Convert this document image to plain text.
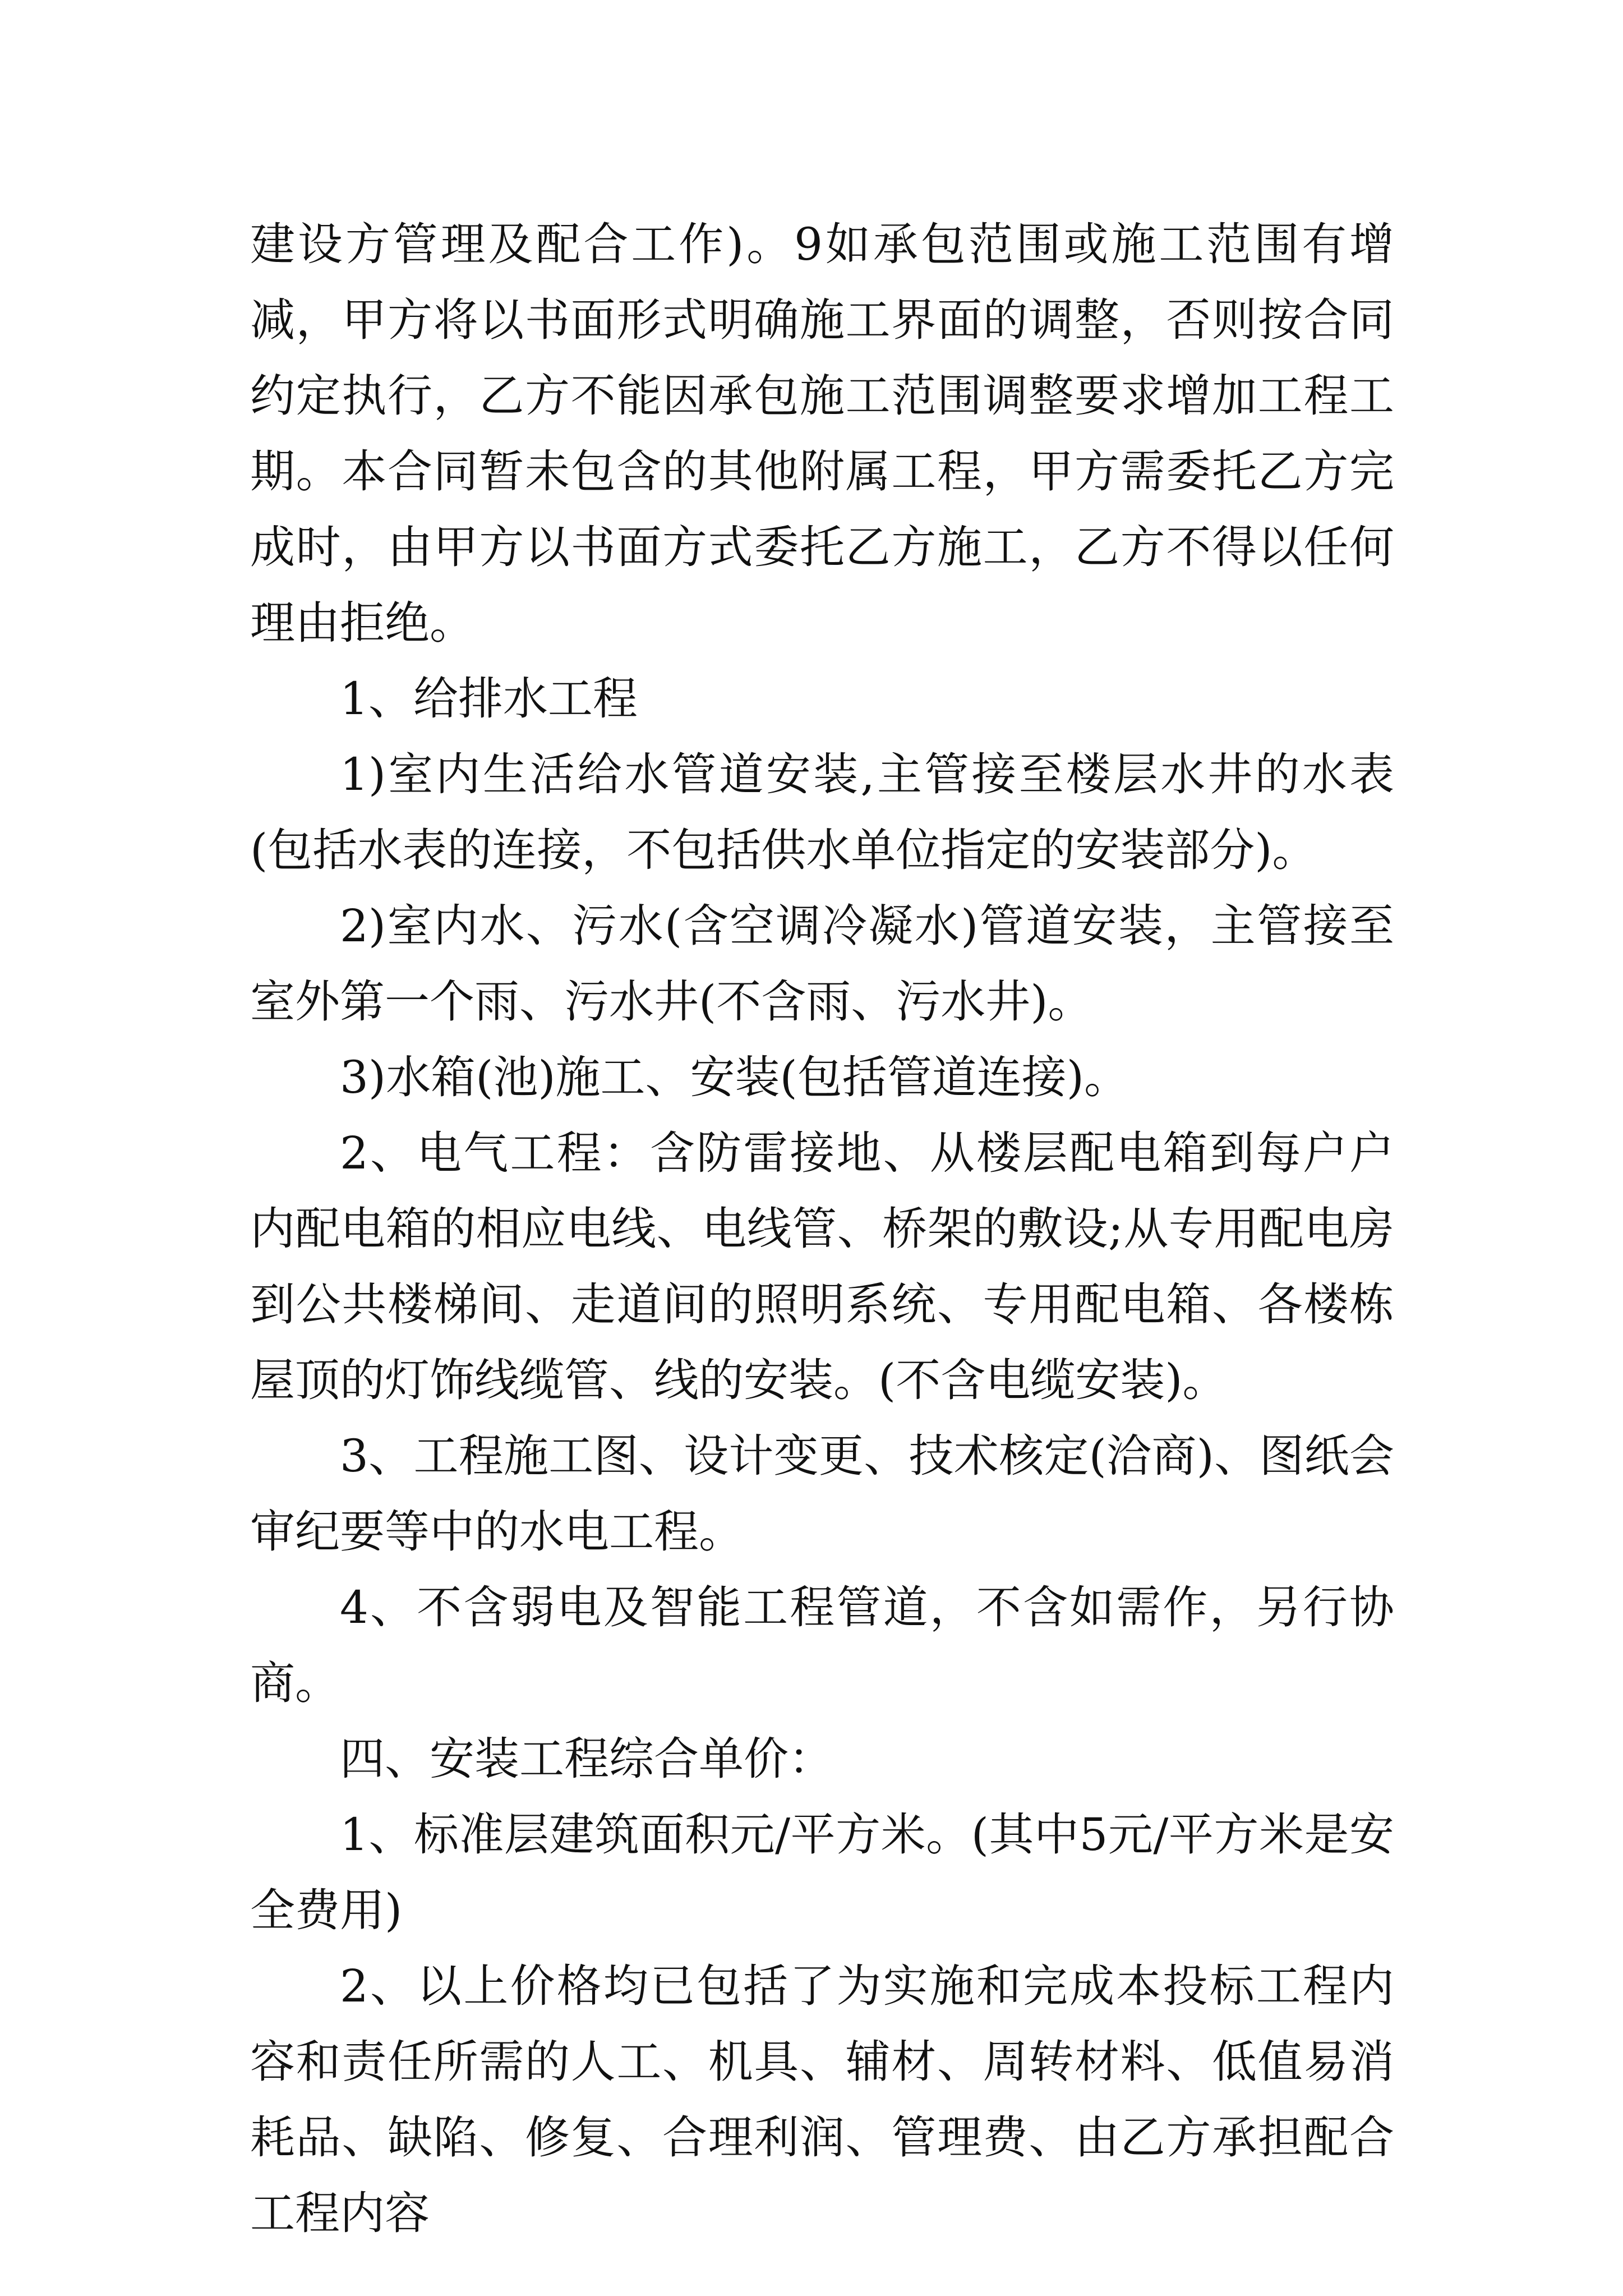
建设方管理及配合工作)。9如承包范围或施工范围有增减，甲方将以书面形式明确施工界面的调整，否则按合同约定执行，乙方不能因承包施工范围调整要求增加工程工期。本合同暂未包含的其他附属工程，甲方需委托乙方完成时，由甲方以书面方式委托乙方施工，乙方不得以任何理由拒绝。

1、给排水工程

1)室内生活给水管道安装,主管接至楼层水井的水表(包括水表的连接，不包括供水单位指定的安装部分)。

2)室内水、污水(含空调冷凝水)管道安装，主管接至室外第一个雨、污水井(不含雨、污水井)。

3)水箱(池)施工、安装(包括管道连接)。

2、电气工程：含防雷接地、从楼层配电箱到每户户内配电箱的相应电线、电线管、桥架的敷设;从专用配电房到公共楼梯间、走道间的照明系统、专用配电箱、各楼栋屋顶的灯饰线缆管、线的安装。(不含电缆安装)。

3、工程施工图、设计变更、技术核定(洽商)、图纸会审纪要等中的水电工程。

4、不含弱电及智能工程管道，不含如需作，另行协商。

四、安装工程综合单价：

1、标准层建筑面积元/平方米。(其中5元/平方米是安全费用)

2、以上价格均已包括了为实施和完成本投标工程内容和责任所需的人工、机具、辅材、周转材料、低值易消耗品、缺陷、修复、合理利润、管理费、由乙方承担配合工程内容
